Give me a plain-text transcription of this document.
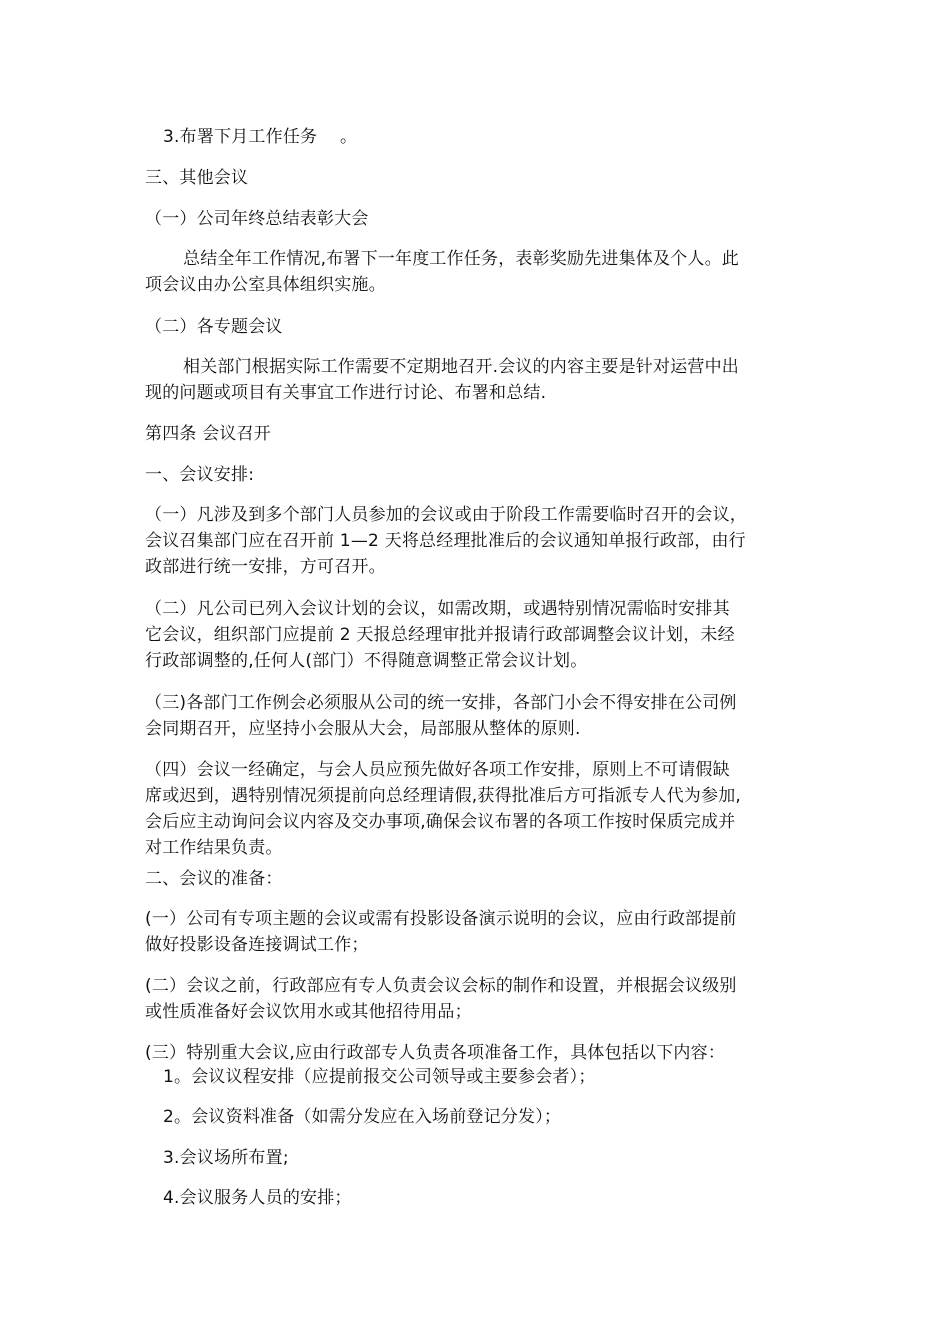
3.布署下月工作任务　 。
三、其他会议
（一）公司年终总结表彰大会
总结全年工作情况,布署下一年度工作任务，表彰奖励先进集体及个人。此
项会议由办公室具体组织实施。
（二）各专题会议
相关部门根据实际工作需要不定期地召开.会议的内容主要是针对运营中出
现的问题或项目有关事宜工作进行讨论、布署和总结.
第四条 会议召开
一、会议安排:
（一）凡涉及到多个部门人员参加的会议或由于阶段工作需要临时召开的会议，
会议召集部门应在召开前 1—2 天将总经理批准后的会议通知单报行政部，由行
政部进行统一安排，方可召开。
（二）凡公司已列入会议计划的会议，如需改期，或遇特别情况需临时安排其
它会议，组织部门应提前 2 天报总经理审批并报请行政部调整会议计划，未经
行政部调整的,任何人(部门）不得随意调整正常会议计划。
（三)各部门工作例会必须服从公司的统一安排，各部门小会不得安排在公司例
会同期召开，应坚持小会服从大会，局部服从整体的原则.
（四）会议一经确定，与会人员应预先做好各项工作安排，原则上不可请假缺
席或迟到，遇特别情况须提前向总经理请假,获得批准后方可指派专人代为参加,
会后应主动询问会议内容及交办事项,确保会议布署的各项工作按时保质完成并
对工作结果负责。
二、会议的准备：
(一）公司有专项主题的会议或需有投影设备演示说明的会议，应由行政部提前
做好投影设备连接调试工作；
(二）会议之前，行政部应有专人负责会议会标的制作和设置，并根据会议级别
或性质准备好会议饮用水或其他招待用品；
(三）特别重大会议,应由行政部专人负责各项准备工作，具体包括以下内容：
1。会议议程安排（应提前报交公司领导或主要参会者）；
2。会议资料准备（如需分发应在入场前登记分发）；
3.会议场所布置;
4.会议服务人员的安排；
